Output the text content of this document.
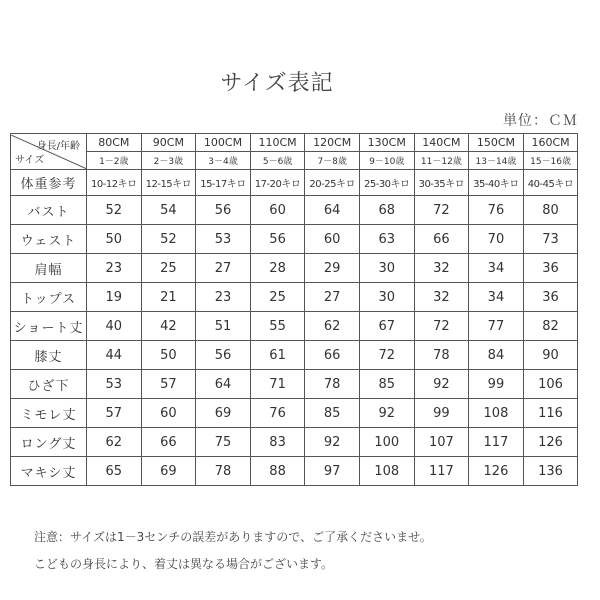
サイズ表記
単位：ＣＭ
身長/年齢
サイズ	80CM	90CM	100CM	110CM	120CM	130CM	140CM	150CM	160CM
	1－2歳	2－3歳	3－4歳	5－6歳	7－8歳	9－10歳	11－12歳	13－14歳	15－16歳
体重参考	10-12キロ	12-15キロ	15-17キロ	17-20キロ	20-25キロ	25-30キロ	30-35キロ	35-40キロ	40-45キロ
バスト	52	54	56	60	64	68	72	76	80
ウェスト	50	52	53	56	60	63	66	70	73
肩幅	23	25	27	28	29	30	32	34	36
トップス	19	21	23	25	27	30	32	34	36
ショート丈	40	42	51	55	62	67	72	77	82
膝丈	44	50	56	61	66	72	78	84	90
ひざ下	53	57	64	71	78	85	92	99	106
ミモレ丈	57	60	69	76	85	92	99	108	116
ロング丈	62	66	75	83	92	100	107	117	126
マキシ丈	65	69	78	88	97	108	117	126	136
注意：サイズは1－3センチの誤差がありますので、ご了承くださいませ。
こどもの身長により、着丈は異なる場合がございます。
